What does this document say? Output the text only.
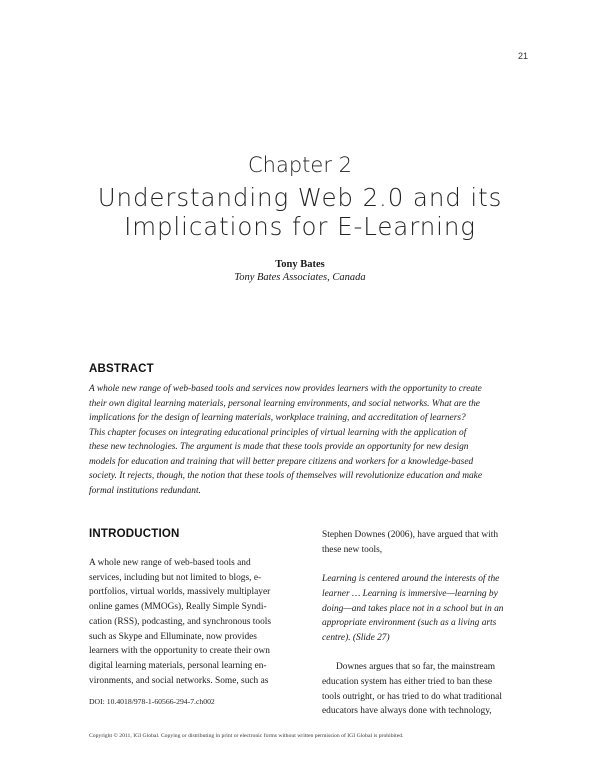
21
Chapter 2
Understanding Web 2.0 and its
Implications for E-Learning
Tony Bates
Tony Bates Associates, Canada
ABSTRACT
A whole new range of web-based tools and services now provides learners with the opportunity to create
their own digital learning materials, personal learning environments, and social networks. What are the
implications for the design of learning materials, workplace training, and accreditation of learners?
This chapter focuses on integrating educational principles of virtual learning with the application of
these new technologies. The argument is made that these tools provide an opportunity for new design
models for education and training that will better prepare citizens and workers for a knowledge-based
society. It rejects, though, the notion that these tools of themselves will revolutionize education and make
formal institutions redundant.
INTRODUCTION
A whole new range of web-based tools and
services, including but not limited to blogs, e-
portfolios, virtual worlds, massively multiplayer
online games (MMOGs), Really Simple Syndi-
cation (RSS), podcasting, and synchronous tools
such as Skype and Elluminate, now provides
learners with the opportunity to create their own
digital learning materials, personal learning en-
vironments, and social networks. Some, such as
Stephen Downes (2006), have argued that with
these new tools,
Learning is centered around the interests of the
learner … Learning is immersive—learning by
doing—and takes place not in a school but in an
appropriate environment (such as a living arts
centre). (Slide 27)
Downes argues that so far, the mainstream
education system has either tried to ban these
tools outright, or has tried to do what traditional
educators have always done with technology,
DOI: 10.4018/978-1-60566-294-7.ch002
Copyright © 2011, IGI Global. Copying or distributing in print or electronic forms without written permission of IGI Global is prohibited.
